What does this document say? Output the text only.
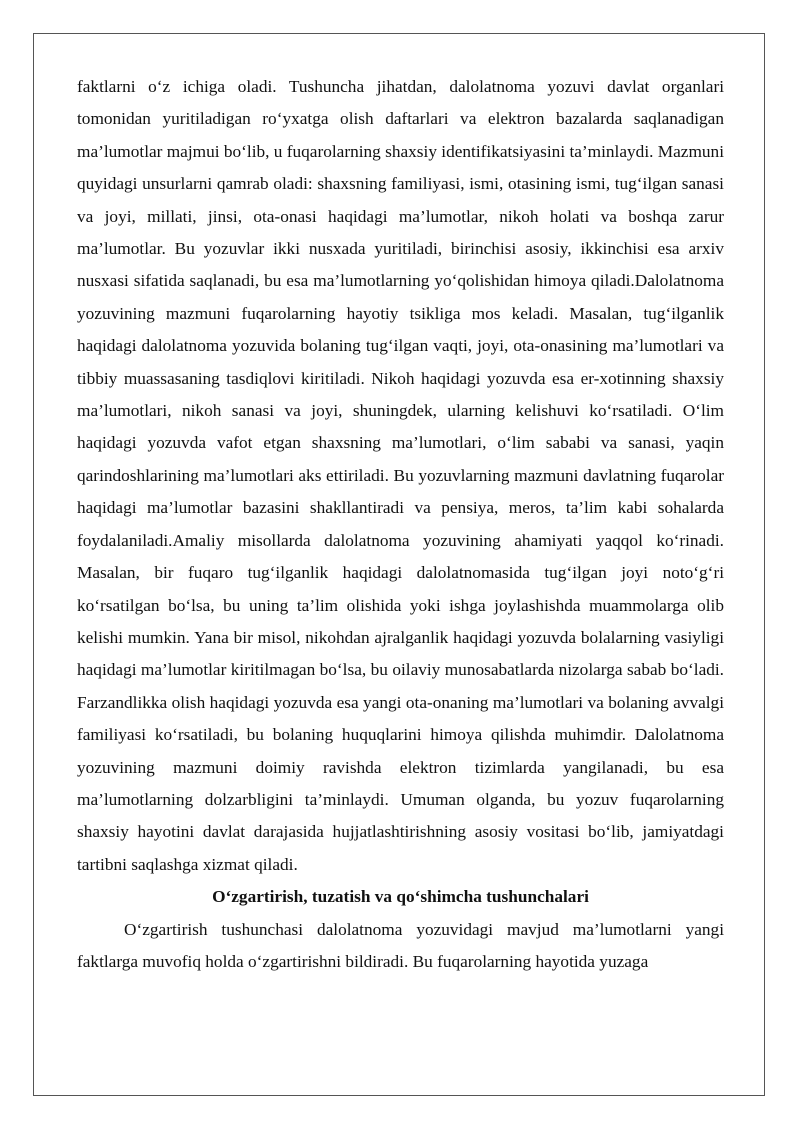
faktlarni o‘z ichiga oladi. Tushuncha jihatdan, dalolatnoma yozuvi davlat organlari tomonidan yuritiladigan ro‘yxatga olish daftarlari va elektron bazalarda saqlanadigan ma’lumotlar majmui bo‘lib, u fuqarolarning shaxsiy identifikatsiyasini ta’minlaydi. Mazmuni quyidagi unsurlarni qamrab oladi: shaxsning familiyasi, ismi, otasining ismi, tug‘ilgan sanasi va joyi, millati, jinsi, ota-onasi haqidagi ma’lumotlar, nikoh holati va boshqa zarur ma’lumotlar. Bu yozuvlar ikki nusxada yuritiladi, birinchisi asosiy, ikkinchisi esa arxiv nusxasi sifatida saqlanadi, bu esa ma’lumotlarning yo‘qolishidan himoya qiladi.Dalolatnoma yozuvining mazmuni fuqarolarning hayotiy tsikliga mos keladi. Masalan, tug‘ilganlik haqidagi dalolatnoma yozuvida bolaning tug‘ilgan vaqti, joyi, ota-onasining ma’lumotlari va tibbiy muassasaning tasdiqlovi kiritiladi. Nikoh haqidagi yozuvda esa er-xotinning shaxsiy ma’lumotlari, nikoh sanasi va joyi, shuningdek, ularning kelishuvi ko‘rsatiladi. O‘lim haqidagi yozuvda vafot etgan shaxsning ma’lumotlari, o‘lim sababi va sanasi, yaqin qarindoshlarining ma’lumotlari aks ettiriladi. Bu yozuvlarning mazmuni davlatning fuqarolar haqidagi ma’lumotlar bazasini shakllantiradi va pensiya, meros, ta’lim kabi sohalarda foydalaniladi.Amaliy misollarda dalolatnoma yozuvining ahamiyati yaqqol ko‘rinadi. Masalan, bir fuqaro tug‘ilganlik haqidagi dalolatnomasida tug‘ilgan joyi noto‘g‘ri ko‘rsatilgan bo‘lsa, bu uning ta’lim olishida yoki ishga joylashishda muammolarga olib kelishi mumkin. Yana bir misol, nikohdan ajralganlik haqidagi yozuvda bolalarning vasiyligi haqidagi ma’lumotlar kiritilmagan bo‘lsa, bu oilaviy munosabatlarda nizolarga sabab bo‘ladi. Farzandlikka olish haqidagi yozuvda esa yangi ota-onaning ma’lumotlari va bolaning avvalgi familiyasi ko‘rsatiladi, bu bolaning huquqlarini himoya qilishda muhimdir. Dalolatnoma yozuvining mazmuni doimiy ravishda elektron tizimlarda yangilanadi, bu esa ma’lumotlarning dolzarbligini ta’minlaydi. Umuman olganda, bu yozuv fuqarolarning shaxsiy hayotini davlat darajasida hujjatlashtirishning asosiy vositasi bo‘lib, jamiyatdagi tartibni saqlashga xizmat qiladi.

O‘zgartirish, tuzatish va qo‘shimcha tushunchalari

O‘zgartirish tushunchasi dalolatnoma yozuvidagi mavjud ma’lumotlarni yangi faktlarga muvofiq holda o‘zgartirishni bildiradi. Bu fuqarolarning hayotida yuzaga
